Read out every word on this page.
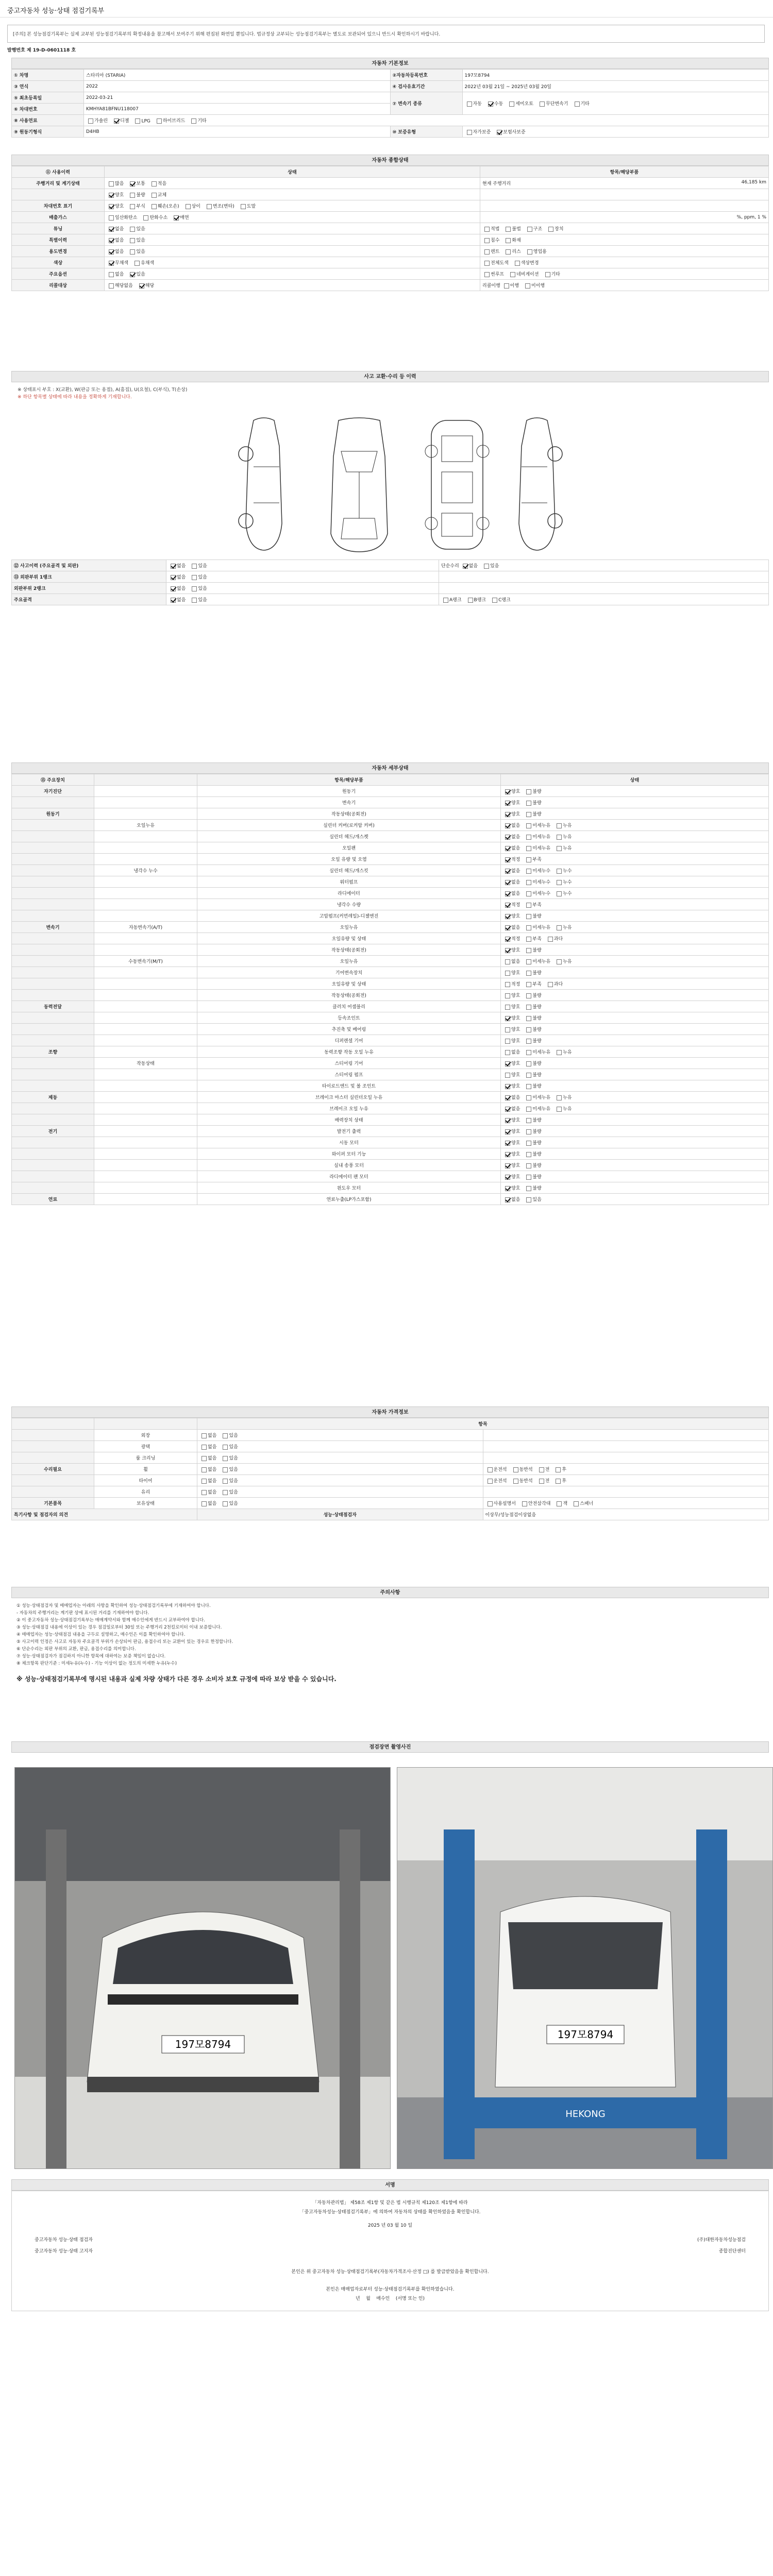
중고자동차 성능·상태 점검기록부
[주의] 본 성능점검기록부는 실제 교부된 성능점검기록부의 확정내용을 참고해서 보여주기 위해 편집된 화면일 뿐입니다. 법규정상 교부되는 성능점검기록부는 별도로 보관되어 있으니 반드시 확인하시기 바랍니다.
발행번호 제 19-D-0601118 호
자동차 기본정보
① 차명	스타리아 (STARIA)	②자동차등록번호	197모8794
③ 연식	2022	④ 검사유효기간	2022년 03월 21일 ~ 2025년 03월 20일
⑤ 최초등록일	2022-03-21	⑦ 변속기 종류	자동 수동 세미오토 무단변속기 기타
⑥ 차대번호	KMHYA81BFNU118007		
⑧ 사용연료	가솔린 디젤 LPG 하이브리드 기타		
⑨ 원동기형식	D4HB	⑩ 보증유형	자가보증 보험사보증
자동차 종합상태
⑪ 사용이력	상태	항목/해당부품
주행거리 및 계기상태	많음 보통 적음	현재 주행거리 46,185 km

	양호 불량 교체	
차대번호 표기	양호 부식 훼손(오손) 상이 변조(변타) 도말	
배출가스	일산화탄소 탄화수소 매연	%, ppm, 1 %

튜닝	없음 있음	적법 불법 구조 장치
특별이력	없음 있음	침수 화재
용도변경	없음 있음	렌트 리스 영업용
색상	무채색 유채색	전체도색 색상변경
주요옵션	없음 있음	썬루프 네비게이션 기타
리콜대상	해당없음 해당	리콜이행 이행 미이행
사고 교환·수리 등 이력
※ 상태표시 부호 : X(교환), W(판금 또는 용접), A(흠집), U(요철), C(부식), T(손상)
※ 하단 항목별 상태에 따라 내용을 정확하게 기재합니다.
⑫ 사고이력 (주요골격 및 외판)	없음 있음	단순수리 없음 있음
⑬ 외판부위 1랭크	없음 있음	
외판부위 2랭크	없음 있음	
주요골격	없음 있음	A랭크 B랭크 C랭크
자동차 세부상태
⑮ 주요장치		항목/해당부품	상태
자기진단		원동기	양호 불량
		변속기	양호 불량
원동기		작동상태(공회전)	양호 불량
	오일누유	실린더 커버(로커암 커버)	없음 미세누유 누유
		실린더 헤드/개스켓	없음 미세누유 누유
		오일팬	없음 미세누유 누유
		오일 유량 및 오염	적정 부족
	냉각수 누수	실린더 헤드/개스킷	없음 미세누수 누수
		워터펌프	없음 미세누수 누수
		라디에이터	없음 미세누수 누수
		냉각수 수량	적정 부족
		고압펌프(커먼레일)-디젤엔진	양호 불량
변속기	자동변속기(A/T)	오일누유	없음 미세누유 누유
		오일유량 및 상태	적정 부족 과다
		작동상태(공회전)	양호 불량
	수동변속기(M/T)	오일누유	없음 미세누유 누유
		기어변속장치	양호 불량
		오일유량 및 상태	적정 부족 과다
		작동상태(공회전)	양호 불량
동력전달		클러치 어셈블리	양호 불량
		등속조인트	양호 불량
		추진축 및 베어링	양호 불량
		디퍼렌셜 기어	양호 불량
조향		동력조향 작동 오일 누유	없음 미세누유 누유
	작동상태	스티어링 기어	양호 불량
		스티어링 펌프	양호 불량
		타이로드엔드 및 볼 조인트	양호 불량
제동		브레이크 마스터 실린더오일 누유	없음 미세누유 누유
		브레이크 오일 누유	없음 미세누유 누유
		배력장치 상태	양호 불량
전기		발전기 출력	양호 불량
		시동 모터	양호 불량
		와이퍼 모터 기능	양호 불량
		실내 송풍 모터	양호 불량
		라디에이터 팬 모터	양호 불량
		윈도우 모터	양호 불량
연료		연료누출(LP가스포함)	없음 있음
자동차 가격정보
		항목	
	외장	없음 있음	
	광택	없음 있음	
	룸 크리닝	없음 있음	
수리필요	휠	없음 있음	운전석 동반석 전 후
	타이어	없음 있음	운전석 동반석 전 후
	유리	없음 있음	
기본품목	보유상태	없음 있음	사용설명서 안전삼각대 잭 스패너
특기사항 및 점검자의 의견		성능·상태점검자	이상무/성능점검이상없음
주의사항
① 성능·상태점검자 및 매매업자는 아래의 사항을 확인하여 성능·상태점검기록부에 기재하여야 합니다.
- 자동차의 주행거리는 계기판 상에 표시된 거리를 기재하여야 합니다.
② 이 중고자동차 성능·상태점검기록부는 매매계약서와 함께 매수인에게 반드시 교부하여야 합니다.
③ 성능·상태점검 내용에 이상이 있는 경우 점검일로부터 30일 또는 주행거리 2천킬로미터 이내 보증합니다.
④ 매매업자는 성능·상태점검 내용을 구두로 설명하고, 매수인은 이를 확인하여야 합니다.
⑤ 사고이력 인정은 사고로 자동차 주요골격 부위가 손상되어 판금, 용접수리 또는 교환이 있는 경우로 한정합니다.
⑥ 단순수리는 외판 부위의 교환, 판금, 용접수리를 의미합니다.
⑦ 성능·상태점검자가 점검하지 아니한 항목에 대하여는 보증 책임이 없습니다.
⑧ 체크항목 판단기준 : 미세누유(누수) - 기능 이상이 없는 정도의 미세한 누유(누수)
※ 성능·상태점검기록부에 명시된 내용과 실제 차량 상태가 다른 경우 소비자 보호 규정에 따라 보상 받을 수 있습니다.
점검장면 촬영사진
197모8794
197모8794
HEKONG
서명
「자동차관리법」 제58조 제1항 및 같은 법 시행규칙 제120조 제1항에 따라
「중고자동차성능·상태점검기록부」에 의하여 자동차의 상태를 확인하였음을 확인합니다.
2025 년 03 월 10 일
중고자동차 성능·상태 점검자	(주)대한자동차성능점검
중고자동차 성능·상태 고지자	종합진단센터
본인은 위 중고자동차 성능·상태점검기록부(자동차가격조사·산정 □) 를 발급받았음을 확인합니다.
본인은 매매업자로부터 성능·상태점검기록부를 확인하였습니다.
년 월 매수인 (서명 또는 인)
